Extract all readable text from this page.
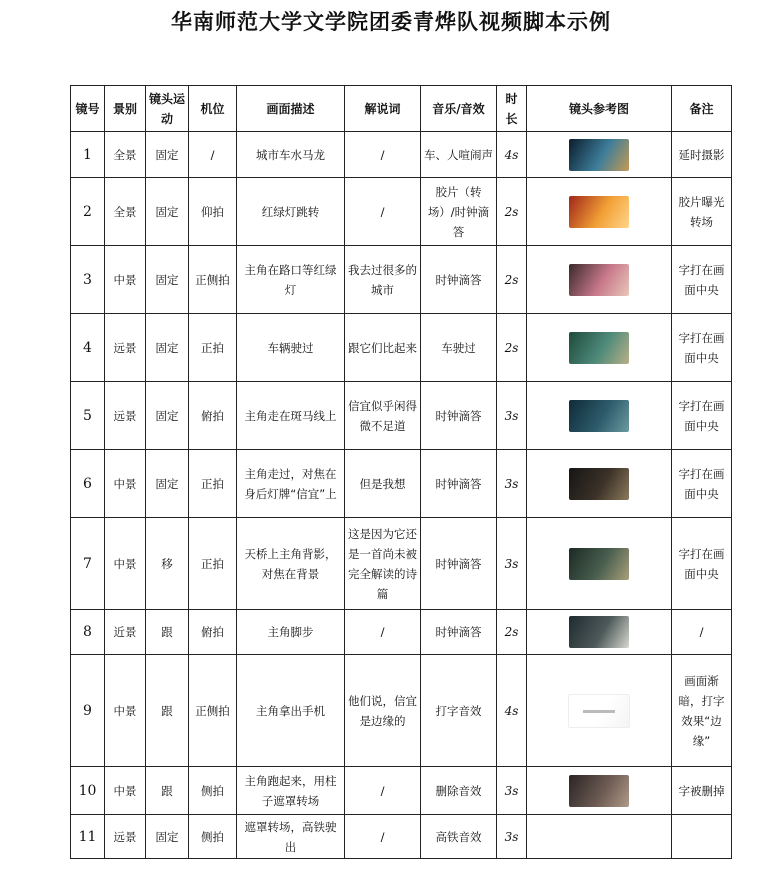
华南师范大学文学院团委青烨队视频脚本示例
镜号	景别	镜头运动	机位	画面描述	解说词	音乐/音效	时长	镜头参考图	备注
1	全景	固定	/	城市车水马龙	/	车、人喧闹声	4s		延时摄影
2	全景	固定	仰拍	红绿灯跳转	/	胶片（转场）/时钟滴答	2s		胶片曝光转场
3	中景	固定	正侧拍	主角在路口等红绿灯	我去过很多的城市	时钟滴答	2s		字打在画面中央
4	远景	固定	正拍	车辆驶过	跟它们比起来	车驶过	2s		字打在画面中央
5	远景	固定	俯拍	主角走在斑马线上	信宜似乎闲得微不足道	时钟滴答	3s		字打在画面中央
6	中景	固定	正拍	主角走过，对焦在身后灯牌“信宜”上	但是我想	时钟滴答	3s		字打在画面中央
7	中景	移	正拍	天桥上主角背影，对焦在背景	这是因为它还是一首尚未被完全解读的诗篇	时钟滴答	3s		字打在画面中央
8	近景	跟	俯拍	主角脚步	/	时钟滴答	2s		/
9	中景	跟	正侧拍	主角拿出手机	他们说，信宜是边缘的	打字音效	4s		画面渐暗，打字效果“边缘”
10	中景	跟	侧拍	主角跑起来，用柱子遮罩转场	/	删除音效	3s		字被删掉
11	远景	固定	侧拍	遮罩转场，高铁驶出	/	高铁音效	3s		
